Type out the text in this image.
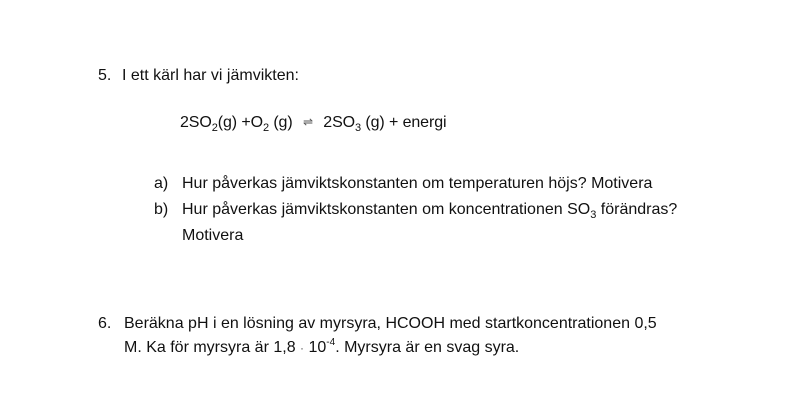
5. I ett kärl har vi jämvikten:
$2SO_2(g) +O_2$ (g) ⇌ $2SO_3$ (g) + energi
a) Hur påverkas jämviktskonstanten om temperaturen höjs? Motivera
b) Hur påverkas jämviktskonstanten om koncentrationen $SO_3$ förändras?
Motivera
6. Beräkna pH i en lösning av myrsyra, HCOOH med startkoncentrationen 0,5
M. Ka för myrsyra är $1,8 \cdot 10^{-4}$. Myrsyra är en svag syra.
